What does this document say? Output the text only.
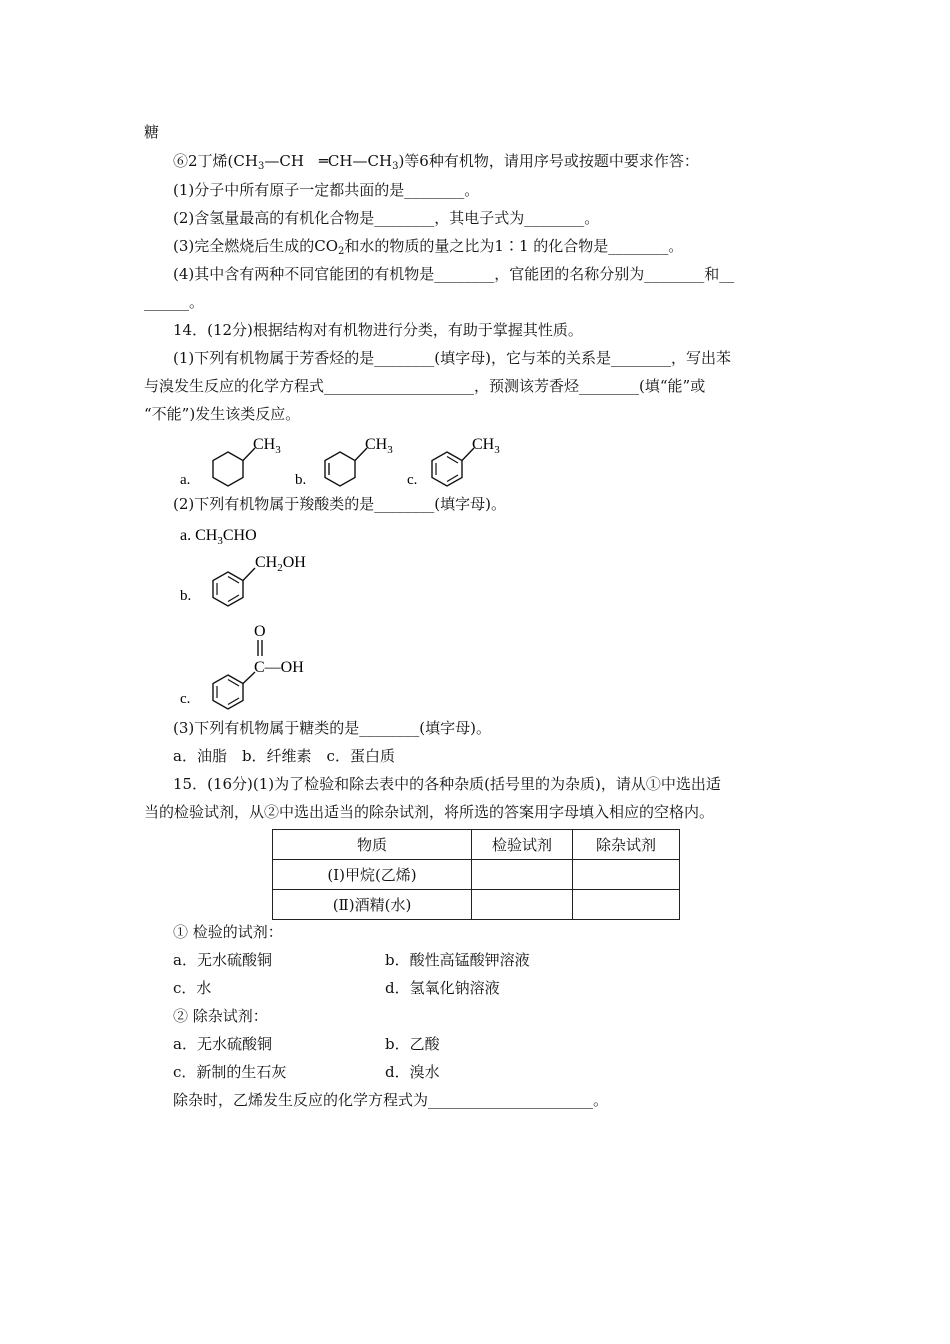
糖
⑥2丁烯($CH_3—CH$　$═CH—CH_3$)等6种有机物，请用序号或按题中要求作答：
(1)分子中所有原子一定都共面的是________。
(2)含氢量最高的有机化合物是________，其电子式为________。
(3)完全燃烧后生成的$CO_2$和水的物质的量之比为1∶1 的化合物是________。
(4)其中含有两种不同官能团的有机物是________，官能团的名称分别为________和__
______。
14．(12分)根据结构对有机物进行分类，有助于掌握其性质。
(1)下列有机物属于芳香烃的是________(填字母)，它与苯的关系是________，写出苯
与溴发生反应的化学方程式____________________，预测该芳香烃________(填“能”或
“不能”)发生该类反应。
a.
$CH_3$
b.
$CH_3$
c.
$CH_3$
(2)下列有机物属于羧酸类的是________(填字母)。
a. $CH_3CHO$
b.
$CH_2OH$
c.
O
C—OH
(3)下列有机物属于糖类的是________(填字母)。
a．油脂　b．纤维素　c．蛋白质
15．(16分)(1)为了检验和除去表中的各种杂质(括号里的为杂质)，请从①中选出适
当的检验试剂，从②中选出适当的除杂试剂，将所选的答案用字母填入相应的空格内。
物质	检验试剂	除杂试剂
(Ⅰ)甲烷(乙烯)		
(Ⅱ)酒精(水)		
① 检验的试剂：
a．无水硫酸铜	b．酸性高锰酸钾溶液
c．水	d．氢氧化钠溶液
② 除杂试剂：
a．无水硫酸铜	b．乙酸
c．新制的生石灰	d．溴水
除杂时，乙烯发生反应的化学方程式为______________________。
